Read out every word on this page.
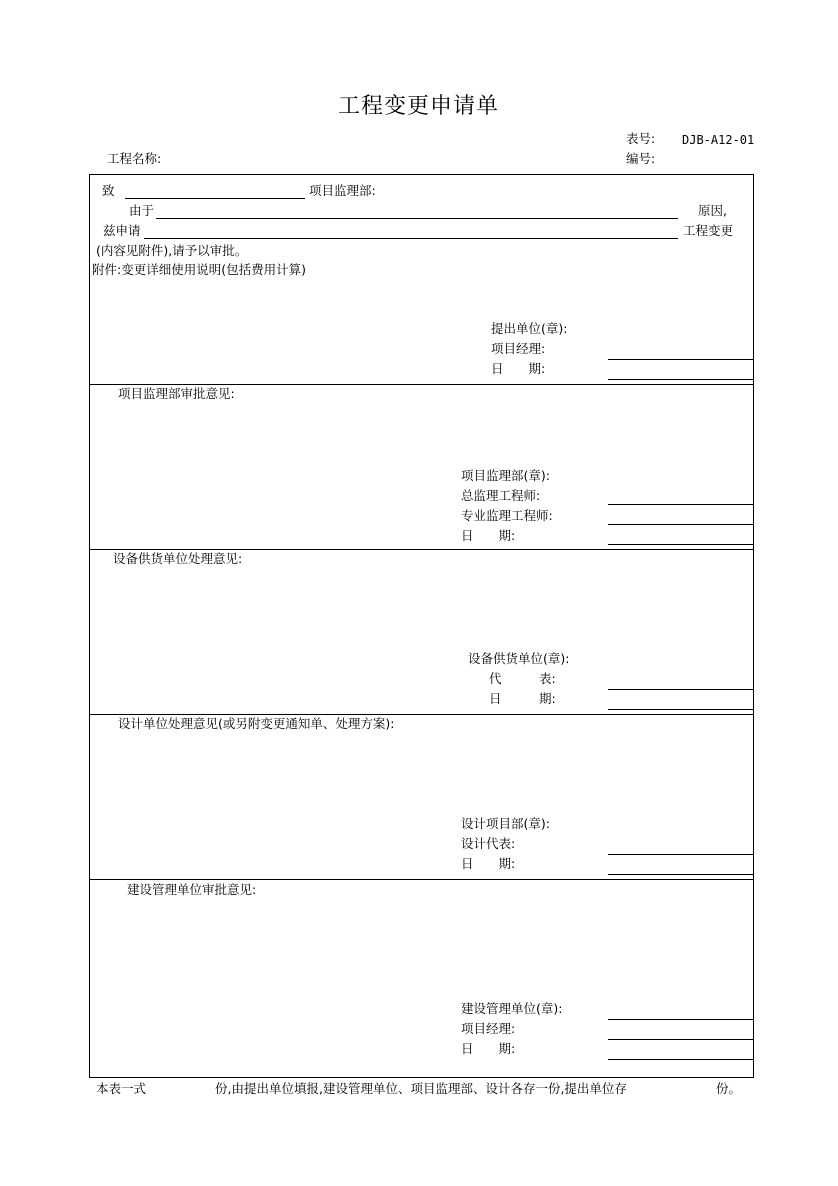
工程变更申请单
表号: DJB-A12-01
编号:
工程名称:
致	项目监理部:
由于	原因,
兹申请	工程变更
(内容见附件),请予以审批。
附件:变更详细使用说明(包括费用计算)
提出单位(章):
项目经理:
日　　期:
项目监理部审批意见:
项目监理部(章):
总监理工程师:
专业监理工程师:
日　　期:
设备供货单位处理意见:
设备供货单位(章):
代　　　表:
日　　　期:
设计单位处理意见(或另附变更通知单、处理方案):
设计项目部(章):
设计代表:
日　　期:
建设管理单位审批意见:
建设管理单位(章):
项目经理:
日　　期:
本表一式	份,由提出单位填报,建设管理单位、项目监理部、设计各存一份,提出单位存	份。
